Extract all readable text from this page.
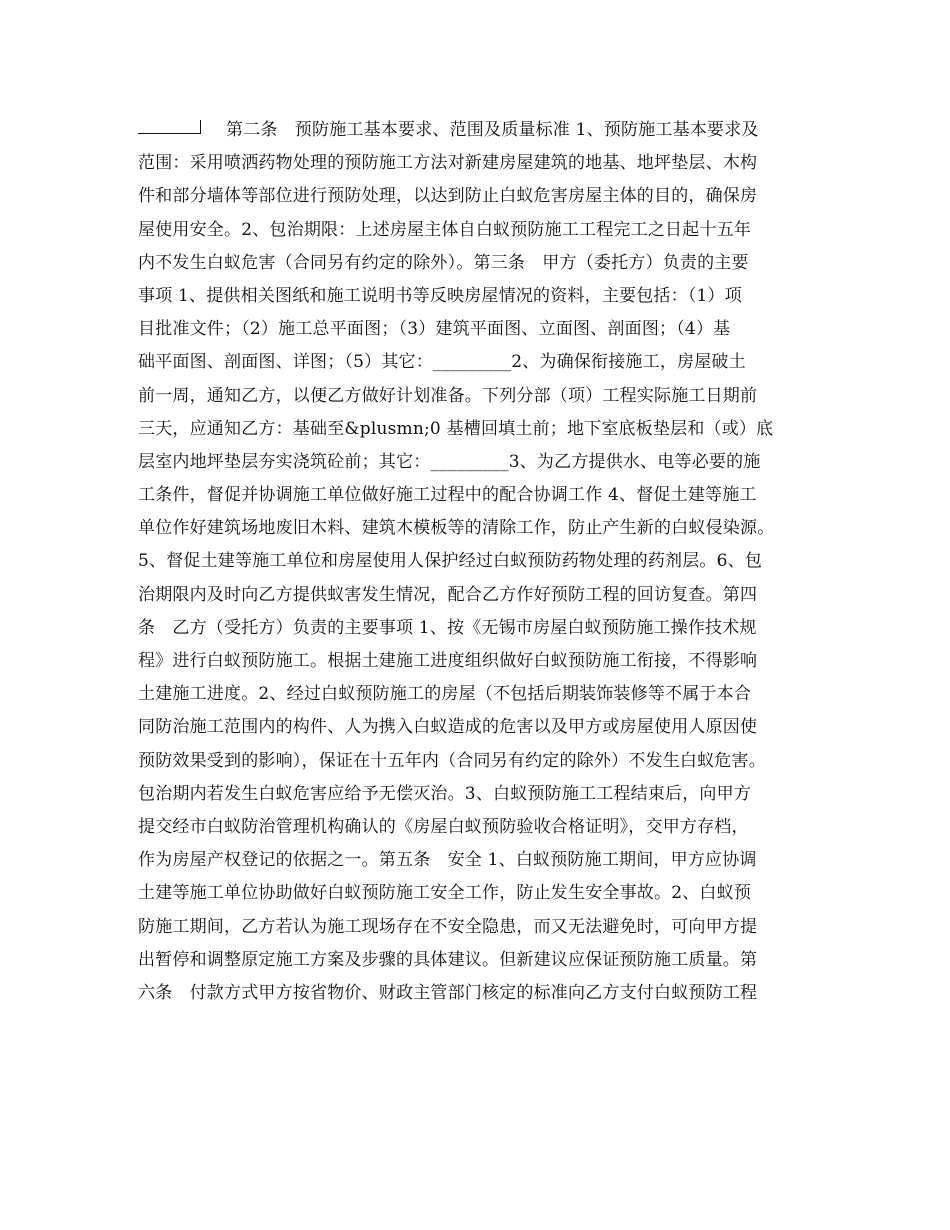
第二条　预防施工基本要求、范围及质量标准 1、预防施工基本要求及
范围：采用喷洒药物处理的预防施工方法对新建房屋建筑的地基、地坪垫层、木构
件和部分墙体等部位进行预防处理，以达到防止白蚁危害房屋主体的目的，确保房
屋使用安全。2、包治期限：上述房屋主体自白蚁预防施工工程完工之日起十五年
内不发生白蚁危害（合同另有约定的除外）。第三条　甲方（委托方）负责的主要
事项 1、提供相关图纸和施工说明书等反映房屋情况的资料，主要包括：（1）项
目批准文件；（2）施工总平面图；（3）建筑平面图、立面图、剖面图；（4）基
础平面图、剖面图、详图；（5）其它：_________2、为确保衔接施工，房屋破土
前一周，通知乙方，以便乙方做好计划准备。下列分部（项）工程实际施工日期前
三天，应通知乙方：基础至&plusmn;0 基槽回填土前；地下室底板垫层和（或）底
层室内地坪垫层夯实浇筑砼前；其它：_________3、为乙方提供水、电等必要的施
工条件，督促并协调施工单位做好施工过程中的配合协调工作 4、督促土建等施工
单位作好建筑场地废旧木料、建筑木模板等的清除工作，防止产生新的白蚁侵染源。
5、督促土建等施工单位和房屋使用人保护经过白蚁预防药物处理的药剂层。6、包
治期限内及时向乙方提供蚁害发生情况，配合乙方作好预防工程的回访复查。第四
条　乙方（受托方）负责的主要事项 1、按《无锡市房屋白蚁预防施工操作技术规
程》进行白蚁预防施工。根据土建施工进度组织做好白蚁预防施工衔接，不得影响
土建施工进度。2、经过白蚁预防施工的房屋（不包括后期装饰装修等不属于本合
同防治施工范围内的构件、人为携入白蚁造成的危害以及甲方或房屋使用人原因使
预防效果受到的影响），保证在十五年内（合同另有约定的除外）不发生白蚁危害。
包治期内若发生白蚁危害应给予无偿灭治。3、白蚁预防施工工程结束后，向甲方
提交经市白蚁防治管理机构确认的《房屋白蚁预防验收合格证明》，交甲方存档，
作为房屋产权登记的依据之一。第五条　安全 1、白蚁预防施工期间，甲方应协调
土建等施工单位协助做好白蚁预防施工安全工作，防止发生安全事故。2、白蚁预
防施工期间，乙方若认为施工现场存在不安全隐患，而又无法避免时，可向甲方提
出暂停和调整原定施工方案及步骤的具体建议。但新建议应保证预防施工质量。第
六条　付款方式甲方按省物价、财政主管部门核定的标准向乙方支付白蚁预防工程
